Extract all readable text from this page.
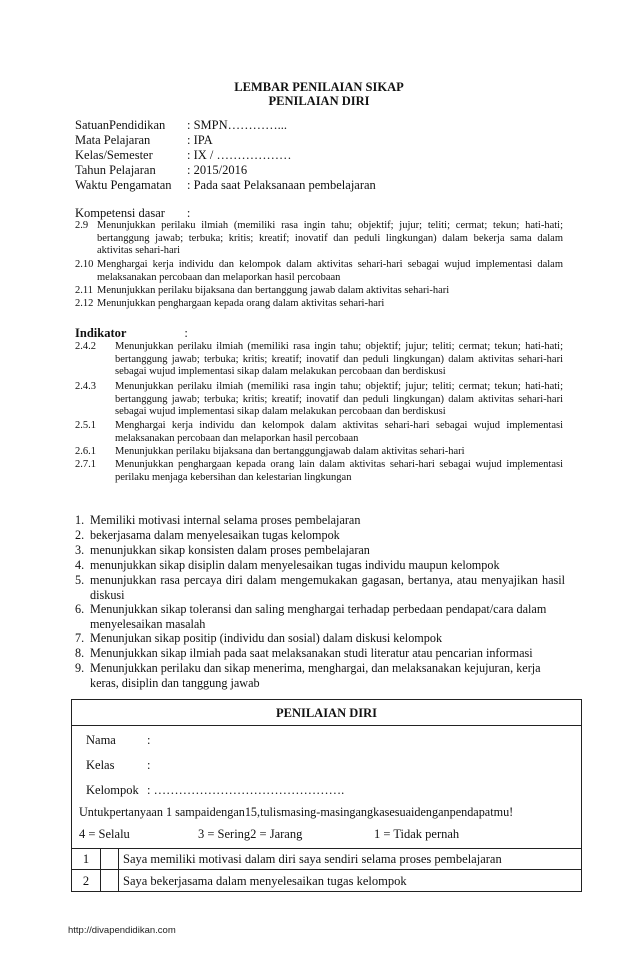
LEMBAR PENILAIAN SIKAP
PENILAIAN DIRI
SatuanPendidikan : SMPN…………...
Mata Pelajaran	: IPA
Kelas/Semester	: IX / ………………
Tahun Pelajaran	: 2015/2016
Waktu Pengamatan : Pada saat Pelaksanaan pembelajaran
Kompetensi dasar :
2.9 Menunjukkan perilaku ilmiah (memiliki rasa ingin tahu; objektif; jujur; teliti; cermat; tekun; hati-hati; bertanggung jawab; terbuka; kritis; kreatif; inovatif dan peduli lingkungan) dalam bekerja sama dalam aktivitas sehari-hari
2.10 Menghargai kerja individu dan kelompok dalam aktivitas sehari-hari sebagai wujud implementasi dalam melaksanakan percobaan dan melaporkan hasil percobaan
2.11 Menunjukkan perilaku bijaksana dan bertanggung jawab dalam aktivitas sehari-hari
2.12 Menunjukkan penghargaan kepada orang dalam aktivitas sehari-hari
Indikator	:
2.4.2 Menunjukkan perilaku ilmiah (memiliki rasa ingin tahu; objektif; jujur; teliti; cermat; tekun; hati-hati; bertanggung jawab; terbuka; kritis; kreatif; inovatif dan peduli lingkungan) dalam aktivitas sehari-hari sebagai wujud implementasi sikap dalam melakukan percobaan dan berdiskusi
2.4.3 Menunjukkan perilaku ilmiah (memiliki rasa ingin tahu; objektif; jujur; teliti; cermat; tekun; hati-hati; bertanggung jawab; terbuka; kritis; kreatif; inovatif dan peduli lingkungan) dalam aktivitas sehari-hari sebagai wujud implementasi sikap dalam melakukan percobaan dan berdiskusi
2.5.1 Menghargai kerja individu dan kelompok dalam aktivitas sehari-hari sebagai wujud implementasi melaksanakan percobaan dan melaporkan hasil percobaan
2.6.1 Menunjukkan perilaku bijaksana dan bertanggungjawab dalam aktivitas sehari-hari
2.7.1 Menunjukkan penghargaan kepada orang lain dalam aktivitas sehari-hari sebagai wujud implementasi perilaku menjaga kebersihan dan kelestarian lingkungan
1. Memiliki motivasi internal selama proses pembelajaran
2. bekerjasama dalam menyelesaikan tugas kelompok
3. menunjukkan sikap konsisten dalam proses pembelajaran
4. menunjukkan sikap disiplin dalam menyelesaikan tugas individu maupun kelompok
5. menunjukkan rasa percaya diri dalam mengemukakan gagasan, bertanya, atau menyajikan hasil diskusi
6. Menunjukkan sikap toleransi dan saling menghargai terhadap perbedaan pendapat/cara dalam menyelesaikan masalah
7. Menunjukan sikap positip (individu dan sosial) dalam diskusi kelompok
8. Menunjukkan sikap ilmiah pada saat melaksanakan studi literatur atau pencarian informasi
9. Menunjukkan perilaku dan sikap menerima, menghargai, dan melaksanakan kejujuran, kerja keras, disiplin dan tanggung jawab
PENILAIAN DIRI
Nama :
Kelas	:
Kelompok : ……………………………………….
Untukpertanyaan 1 sampaidengan15,tulismasing-masingangkasesuaidenganpendapatmu!
4 = Selalu	3 = Sering2 = Jarang	1 = Tidak pernah
1	Saya memiliki motivasi dalam diri saya sendiri selama proses pembelajaran
2	Saya bekerjasama dalam menyelesaikan tugas kelompok
http://divapendidikan.com
